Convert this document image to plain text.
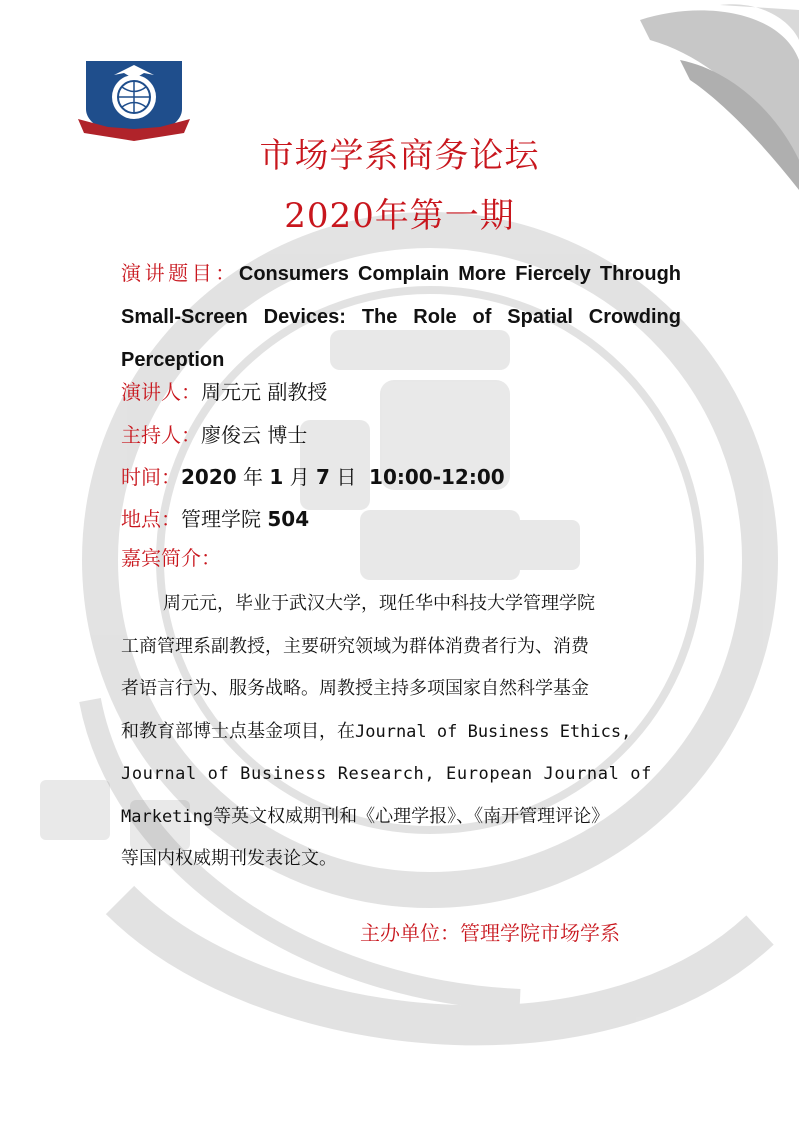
市场学系商务论坛
2020年第一期
演讲题目：Consumers Complain More Fiercely Through
Small-Screen Devices: The Role of Spatial Crowding
Perception
演讲人：周元元 副教授
主持人：廖俊云 博士
时间：2020 年 1 月 7 日 10:00-12:00
地点：管理学院 504
嘉宾简介：
周元元，毕业于武汉大学，现任华中科技大学管理学院
工商管理系副教授，主要研究领域为群体消费者行为、消费
者语言行为、服务战略。周教授主持多项国家自然科学基金
和教育部博士点基金项目，在Journal of Business Ethics,
Journal of Business Research, European Journal of
Marketing等英文权威期刊和《心理学报》、《南开管理评论》
等国内权威期刊发表论文。
主办单位：管理学院市场学系
